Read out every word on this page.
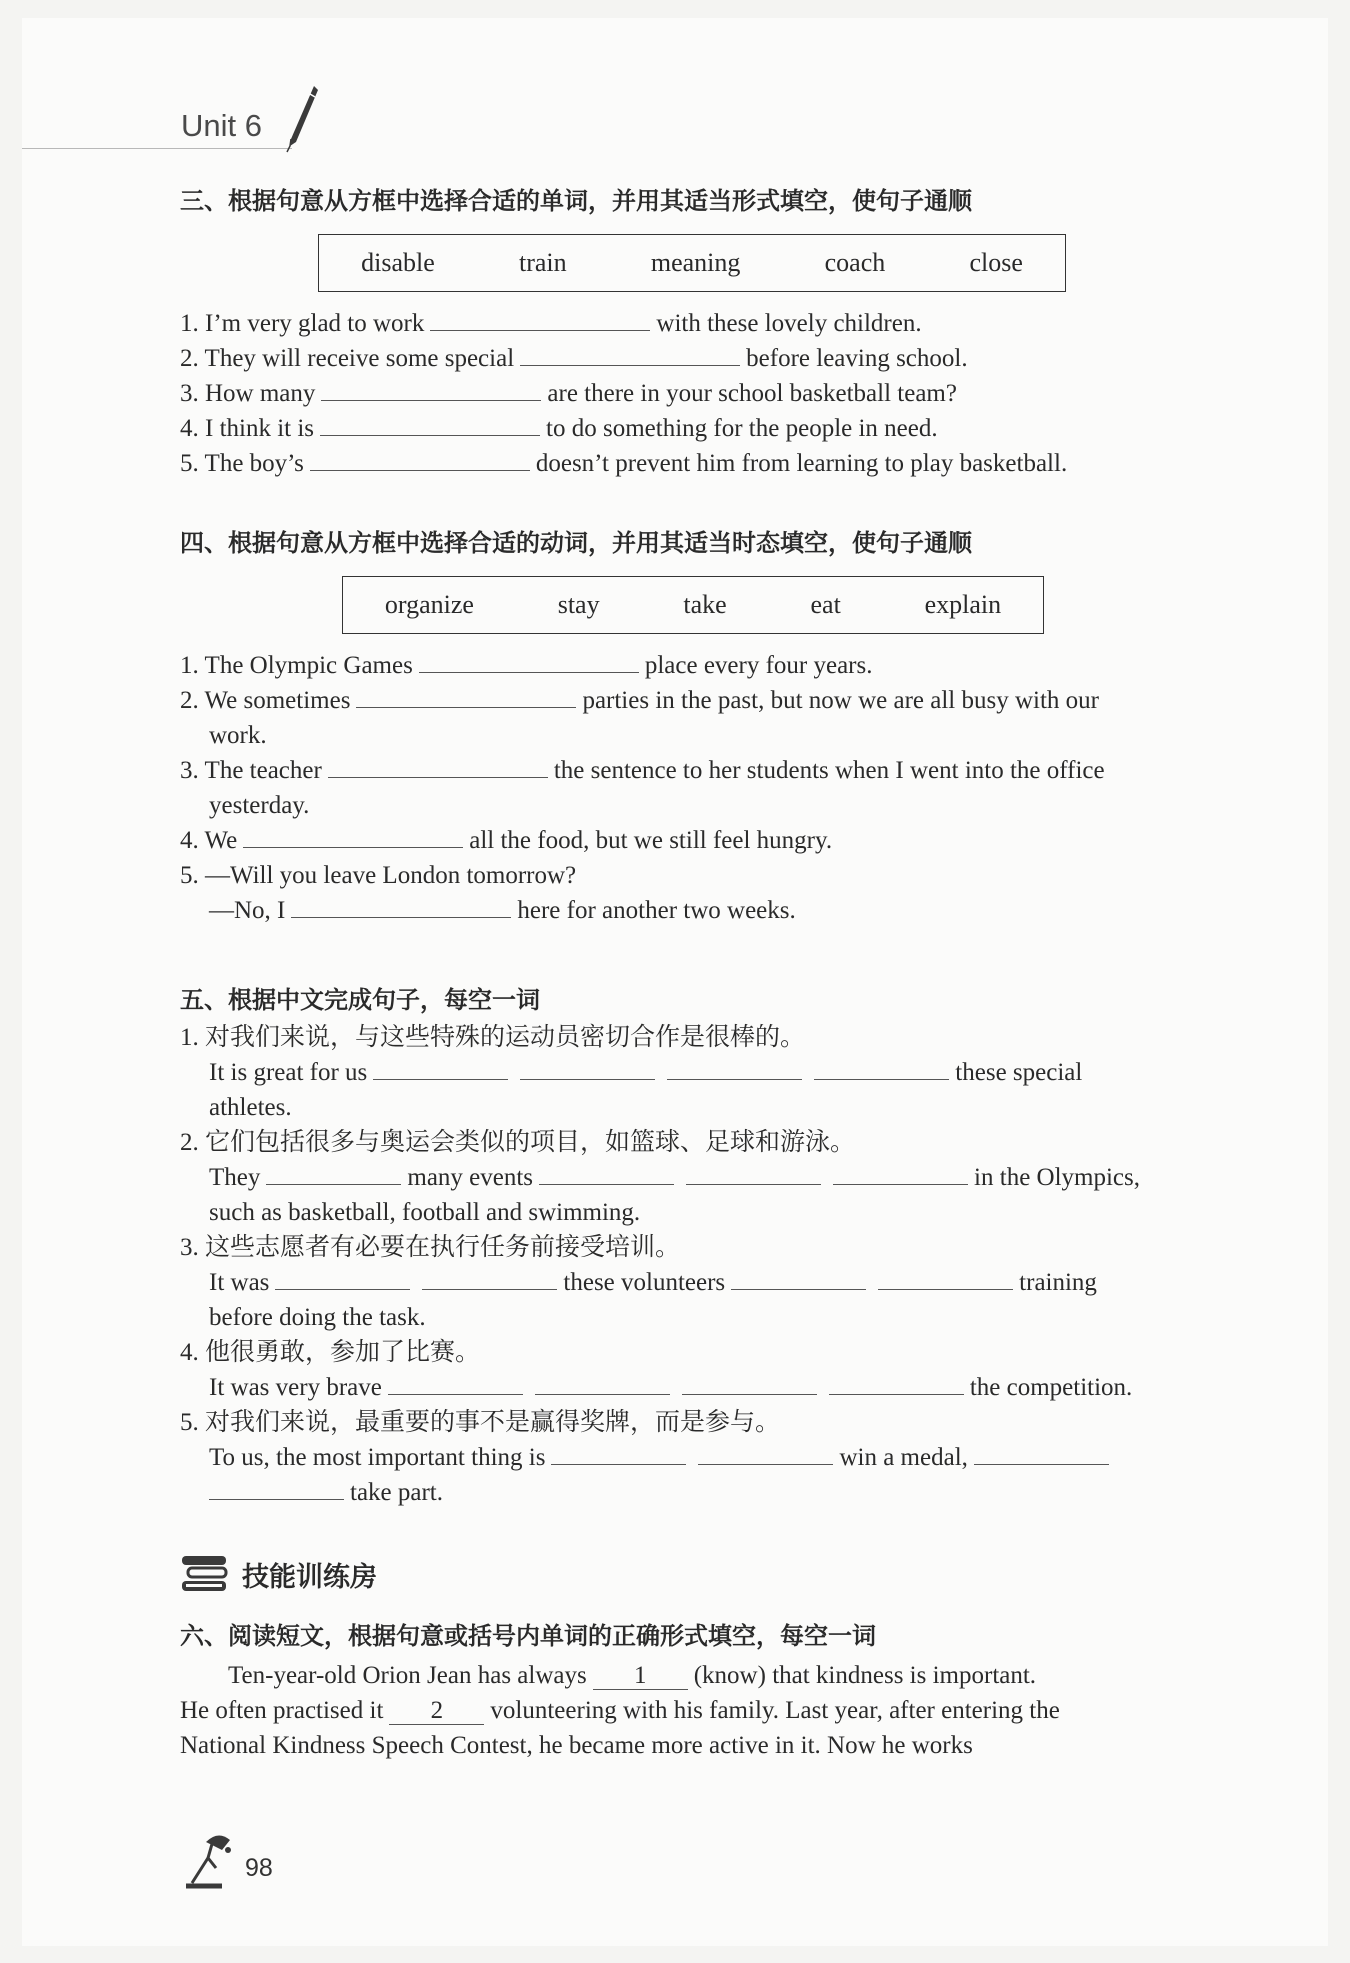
Unit 6
三、根据句意从方框中选择合适的单词，并用其适当形式填空，使句子通顺
disable	train	meaning	coach	close
1. I’m very glad to work	with these lovely children.
2. They will receive some special	before leaving school.
3. How many	are there in your school basketball team?
4. I think it is	to do something for the people in need.
5. The boy’s	doesn’t prevent him from learning to play basketball.
四、根据句意从方框中选择合适的动词，并用其适当时态填空，使句子通顺
organize	stay	take	eat	explain
1. The Olympic Games	place every four years.
2. We sometimes	parties in the past, but now we are all busy with our
work.
3. The teacher	the sentence to her students when I went into the office
yesterday.
4. We	all the food, but we still feel hungry.
5. —Will you leave London tomorrow?
—No, I	here for another two weeks.
五、根据中文完成句子，每空一词
1. 对我们来说，与这些特殊的运动员密切合作是很棒的。
It is great for us	these special
athletes.
2. 它们包括很多与奥运会类似的项目，如篮球、足球和游泳。
They	many events	in the Olympics,
such as basketball, football and swimming.
3. 这些志愿者有必要在执行任务前接受培训。
It was	these volunteers	training
before doing the task.
4. 他很勇敢，参加了比赛。
It was very brave	the competition.
5. 对我们来说，最重要的事不是赢得奖牌，而是参与。
To us, the most important thing is	win a medal,
take part.
技能训练房
六、阅读短文，根据句意或括号内单词的正确形式填空，每空一词
Ten-year-old Orion Jean has always 1 (know) that kindness is important.
He often practised it 2 volunteering with his family. Last year, after entering the
National Kindness Speech Contest, he became more active in it. Now he works
98
